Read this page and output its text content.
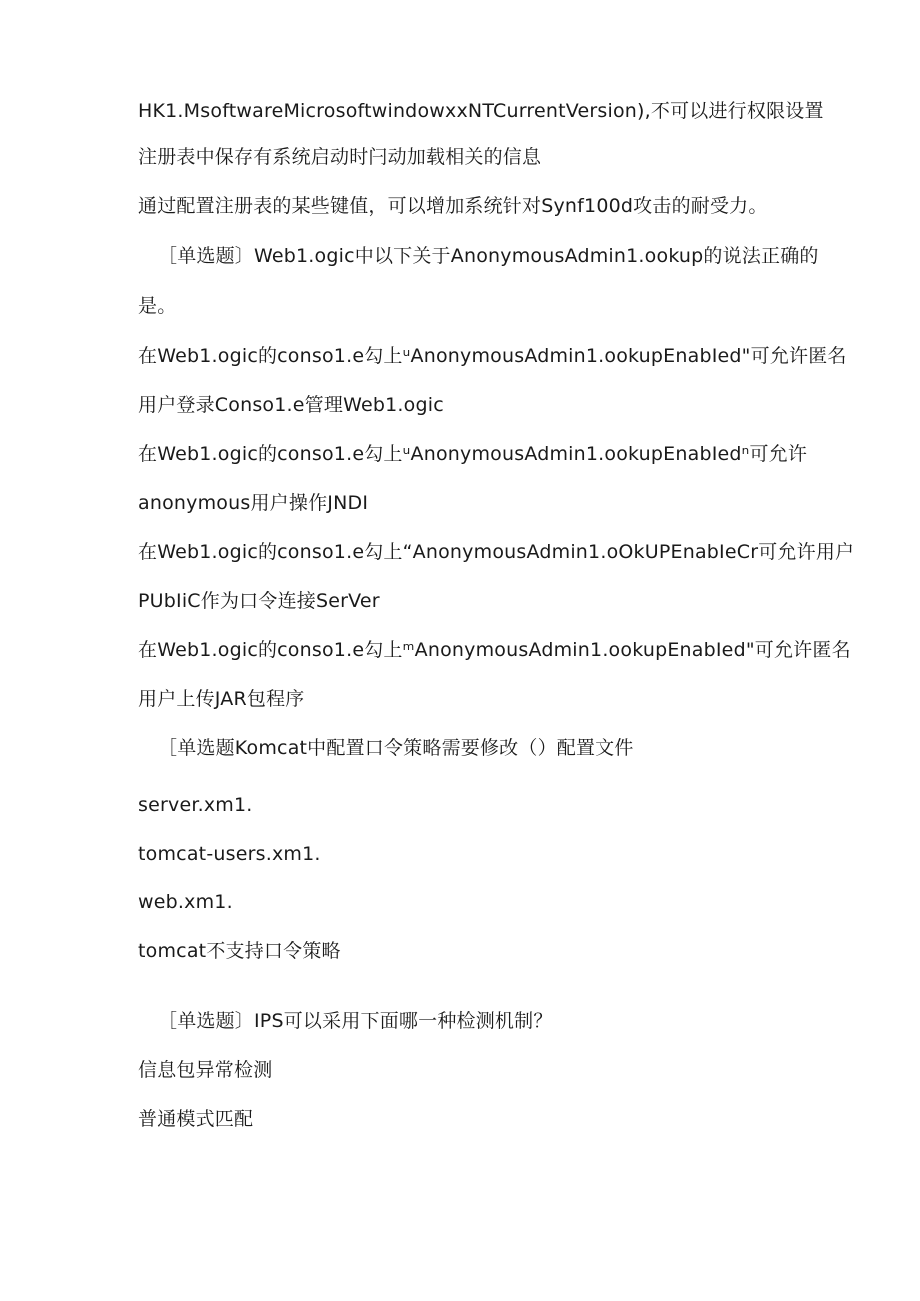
HK1.MsoftwareMicrosoftwindowxxNTCurrentVersion),不可以进行权限设置
注册表中保存有系统启动时闩动加载相关的信息
通过配置注册表的某些键值，可以增加系统针对Synf100d攻击的耐受力。
［单选题〕Web1.ogic中以下关于AnonymousAdmin1.ookup的说法正确的
是。
在Web1.ogic的conso1.e勾上ᵘAnonymousAdmin1.ookupEnabIed"可允许匿名
用户登录Conso1.e管理Web1.ogic
在Web1.ogic的conso1.e勾上ᵘAnonymousAdmin1.ookupEnabIedⁿ可允许
anonymous用户操作JNDI
在Web1.ogic的conso1.e勾上“AnonymousAdmin1.oOkUPEnabIeCr可允许用户
PUbIiC作为口令连接SerVer
在Web1.ogic的conso1.e勾上ᵐAnonymousAdmin1.ookupEnabIed"可允许匿名
用户上传JAR包程序
［单选题Komcat中配置口令策略需要修改（）配置文件
server.xm1.
tomcat-users.xm1.
web.xm1.
tomcat不支持口令策略
［单选题〕IPS可以采用下面哪一种检测机制？
信息包异常检测
普通模式匹配
